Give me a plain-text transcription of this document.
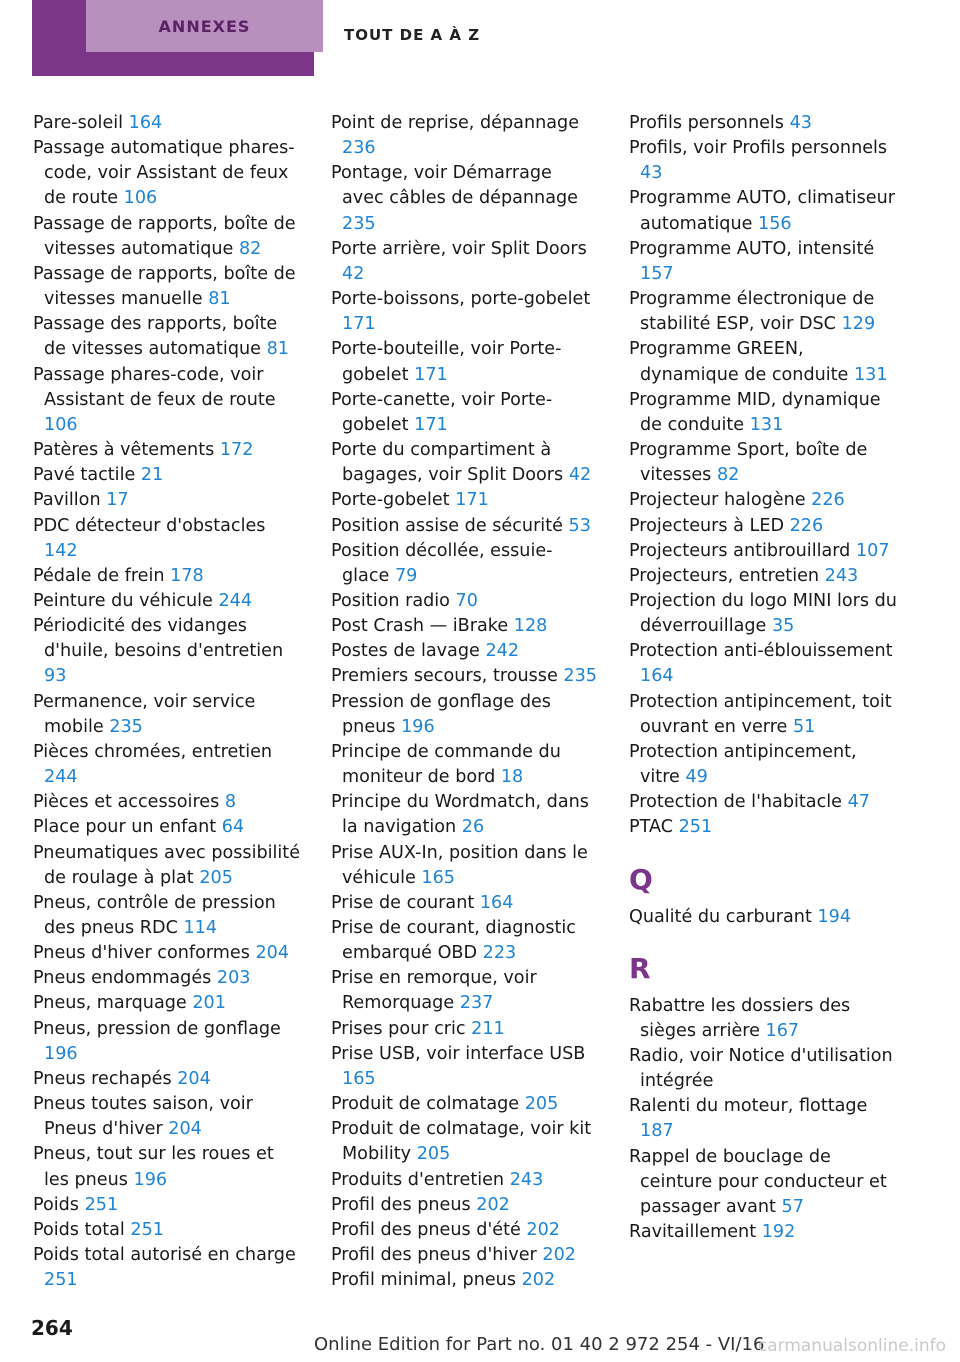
ANNEXES	TOUT DE A À Z
Pare-soleil 164
Passage automatique phares-code, voir Assistant de feux de route 106
Passage de rapports, boîte de vitesses automatique 82
Passage de rapports, boîte de vitesses manuelle 81
Passage des rapports, boîte de vitesses automatique 81
Passage phares-code, voir Assistant de feux de route 106
Patères à vêtements 172
Pavé tactile 21
Pavillon 17
PDC détecteur d'obstacles 142
Pédale de frein 178
Peinture du véhicule 244
Périodicité des vidanges d'huile, besoins d'entretien 93
Permanence, voir service mobile 235
Pièces chromées, entretien 244
Pièces et accessoires 8
Place pour un enfant 64
Pneumatiques avec possibilité de roulage à plat 205
Pneus, contrôle de pression des pneus RDC 114
Pneus d'hiver conformes 204
Pneus endommagés 203
Pneus, marquage 201
Pneus, pression de gonflage 196
Pneus rechapés 204
Pneus toutes saison, voir Pneus d'hiver 204
Pneus, tout sur les roues et les pneus 196
Poids 251
Poids total 251
Poids total autorisé en charge 251
Point de reprise, dépannage 236
Pontage, voir Démarrage avec câbles de dépannage 235
Porte arrière, voir Split Doors 42
Porte-boissons, porte-gobelet 171
Porte-bouteille, voir Porte-gobelet 171
Porte-canette, voir Porte-gobelet 171
Porte du compartiment à bagages, voir Split Doors 42
Porte-gobelet 171
Position assise de sécurité 53
Position décollée, essuie-glace 79
Position radio 70
Post Crash — iBrake 128
Postes de lavage 242
Premiers secours, trousse 235
Pression de gonflage des pneus 196
Principe de commande du moniteur de bord 18
Principe du Wordmatch, dans la navigation 26
Prise AUX-In, position dans le véhicule 165
Prise de courant 164
Prise de courant, diagnostic embarqué OBD 223
Prise en remorque, voir Remorquage 237
Prises pour cric 211
Prise USB, voir interface USB 165
Produit de colmatage 205
Produit de colmatage, voir kit Mobility 205
Produits d'entretien 243
Profil des pneus 202
Profil des pneus d'été 202
Profil des pneus d'hiver 202
Profil minimal, pneus 202
Profils personnels 43
Profils, voir Profils personnels 43
Programme AUTO, climatiseur automatique 156
Programme AUTO, intensité 157
Programme électronique de stabilité ESP, voir DSC 129
Programme GREEN, dynamique de conduite 131
Programme MID, dynamique de conduite 131
Programme Sport, boîte de vitesses 82
Projecteur halogène 226
Projecteurs à LED 226
Projecteurs antibrouillard 107
Projecteurs, entretien 243
Projection du logo MINI lors du déverrouillage 35
Protection anti-éblouissement 164
Protection antipincement, toit ouvrant en verre 51
Protection antipincement, vitre 49
Protection de l'habitacle 47
PTAC 251
Q
Qualité du carburant 194
R
Rabattre les dossiers des sièges arrière 167
Radio, voir Notice d'utilisation intégrée
Ralenti du moteur, flottage 187
Rappel de bouclage de ceinture pour conducteur et passager avant 57
Ravitaillement 192
264
Online Edition for Part no. 01 40 2 972 254 - VI/16
carmanualsonline.info
